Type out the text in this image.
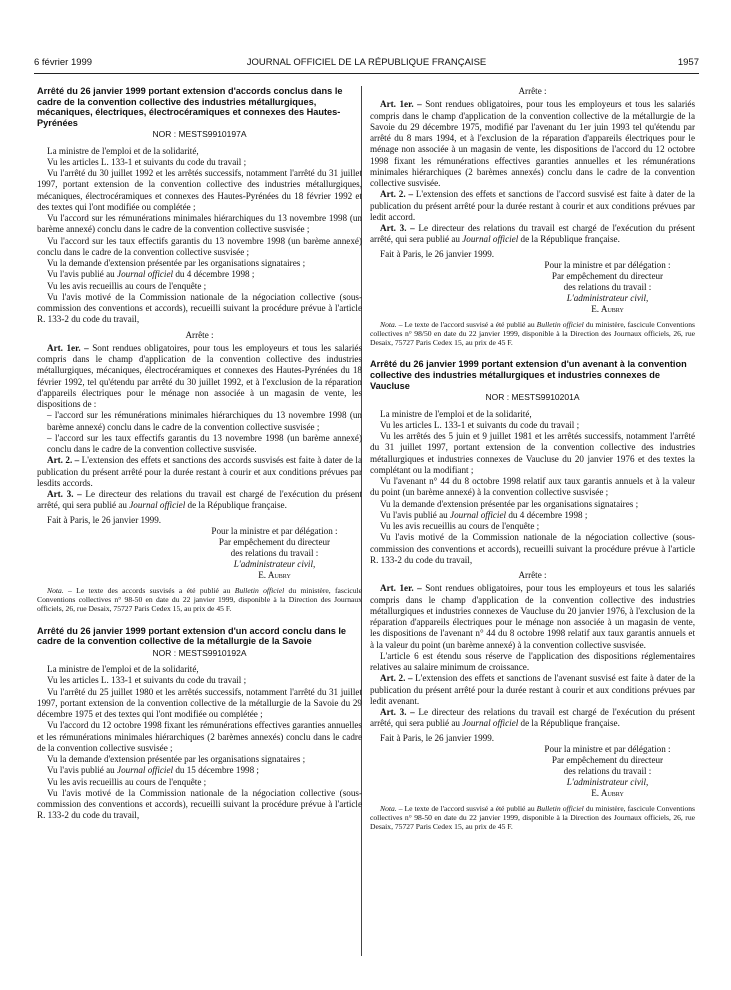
6 février 1999	JOURNAL OFFICIEL DE LA RÉPUBLIQUE FRANÇAISE	1957

Arrêté du 26 janvier 1999 portant extension d'accords conclus dans le cadre de la convention collective des industries métallurgiques, mécaniques, électriques, électrocéramiques et connexes des Hautes-Pyrénées

NOR : MESTS9910197A

La ministre de l'emploi et de la solidarité,

Vu les articles L. 133-1 et suivants du code du travail ;

Vu l'arrêté du 30 juillet 1992 et les arrêtés successifs, notamment l'arrêté du 31 juillet 1997, portant extension de la convention collective des industries métallurgiques, mécaniques, électrocéramiques et connexes des Hautes-Pyrénées du 18 février 1992 et des textes qui l'ont modifiée ou complétée ;

Vu l'accord sur les rémunérations minimales hiérarchiques du 13 novembre 1998 (un barème annexé) conclu dans le cadre de la convention collective susvisée ;

Vu l'accord sur les taux effectifs garantis du 13 novembre 1998 (un barème annexé) conclu dans le cadre de la convention collective susvisée ;

Vu la demande d'extension présentée par les organisations signataires ;

Vu l'avis publié au Journal officiel du 4 décembre 1998 ;

Vu les avis recueillis au cours de l'enquête ;

Vu l'avis motivé de la Commission nationale de la négociation collective (sous-commission des conventions et accords), recueilli suivant la procédure prévue à l'article R. 133-2 du code du travail,

Arrête :

Art. 1er. – Sont rendues obligatoires, pour tous les employeurs et tous les salariés compris dans le champ d'application de la convention collective des industries métallurgiques, mécaniques, électrocéramiques et connexes des Hautes-Pyrénées du 18 février 1992, tel qu'étendu par arrêté du 30 juillet 1992, et à l'exclusion de la réparation d'appareils électriques pour le ménage non associée à un magasin de vente, les dispositions de :

– l'accord sur les rémunérations minimales hiérarchiques du 13 novembre 1998 (un barème annexé) conclu dans le cadre de la convention collective susvisée ;

– l'accord sur les taux effectifs garantis du 13 novembre 1998 (un barème annexé) conclu dans le cadre de la convention collective susvisée.

Art. 2. – L'extension des effets et sanctions des accords susvisés est faite à dater de la publication du présent arrêté pour la durée restant à courir et aux conditions prévues par lesdits accords.

Art. 3. – Le directeur des relations du travail est chargé de l'exécution du présent arrêté, qui sera publié au Journal officiel de la République française.

Fait à Paris, le 26 janvier 1999.

Pour la ministre et par délégation :
Par empêchement du directeur
des relations du travail :
L'administrateur civil,
E. Aubry
Nota. – Le texte des accords susvisés a été publié au Bulletin officiel du ministère, fascicule Conventions collectives n° 98-50 en date du 22 janvier 1999, disponible à la Direction des Journaux officiels, 26, rue Desaix, 75727 Paris Cedex 15, au prix de 45 F.

Arrêté du 26 janvier 1999 portant extension d'un accord conclu dans le cadre de la convention collective de la métallurgie de la Savoie

NOR : MESTS9910192A

La ministre de l'emploi et de la solidarité,

Vu les articles L. 133-1 et suivants du code du travail ;

Vu l'arrêté du 25 juillet 1980 et les arrêtés successifs, notamment l'arrêté du 31 juillet 1997, portant extension de la convention collective de la métallurgie de la Savoie du 29 décembre 1975 et des textes qui l'ont modifiée ou complétée ;

Vu l'accord du 12 octobre 1998 fixant les rémunérations effectives garanties annuelles et les rémunérations minimales hiérarchiques (2 barèmes annexés) conclu dans le cadre de la convention collective susvisée ;

Vu la demande d'extension présentée par les organisations signataires ;

Vu l'avis publié au Journal officiel du 15 décembre 1998 ;

Vu les avis recueillis au cours de l'enquête ;

Vu l'avis motivé de la Commission nationale de la négociation collective (sous-commission des conventions et accords), recueilli suivant la procédure prévue à l'article R. 133-2 du code du travail,

Arrête :

Art. 1er. – Sont rendues obligatoires, pour tous les employeurs et tous les salariés compris dans le champ d'application de la convention collective de la métallurgie de la Savoie du 29 décembre 1975, modifié par l'avenant du 1er juin 1993 tel qu'étendu par arrêté du 8 mars 1994, et à l'exclusion de la réparation d'appareils électriques pour le ménage non associée à un magasin de vente, les dispositions de l'accord du 12 octobre 1998 fixant les rémunérations effectives garanties annuelles et les rémunérations minimales hiérarchiques (2 barèmes annexés) conclu dans le cadre de la convention collective susvisée.

Art. 2. – L'extension des effets et sanctions de l'accord susvisé est faite à dater de la publication du présent arrêté pour la durée restant à courir et aux conditions prévues par ledit accord.

Art. 3. – Le directeur des relations du travail est chargé de l'exécution du présent arrêté, qui sera publié au Journal officiel de la République française.

Fait à Paris, le 26 janvier 1999.

Pour la ministre et par délégation :
Par empêchement du directeur
des relations du travail :
L'administrateur civil,
E. Aubry
Nota. – Le texte de l'accord susvisé a été publié au Bulletin officiel du ministère, fascicule Conventions collectives n° 98/50 en date du 22 janvier 1999, disponible à la Direction des Journaux officiels, 26, rue Desaix, 75727 Paris Cedex 15, au prix de 45 F.

Arrêté du 26 janvier 1999 portant extension d'un avenant à la convention collective des industries métallurgiques et industries connexes de Vaucluse

NOR : MESTS9910201A

La ministre de l'emploi et de la solidarité,

Vu les articles L. 133-1 et suivants du code du travail ;

Vu les arrêtés des 5 juin et 9 juillet 1981 et les arrêtés successifs, notamment l'arrêté du 31 juillet 1997, portant extension de la convention collective des industries métallurgiques et industries connexes de Vaucluse du 20 janvier 1976 et des textes la complétant ou la modifiant ;

Vu l'avenant n° 44 du 8 octobre 1998 relatif aux taux garantis annuels et à la valeur du point (un barème annexé) à la convention collective susvisée ;

Vu la demande d'extension présentée par les organisations signataires ;

Vu l'avis publié au Journal officiel du 4 décembre 1998 ;

Vu les avis recueillis au cours de l'enquête ;

Vu l'avis motivé de la Commission nationale de la négociation collective (sous-commission des conventions et accords), recueilli suivant la procédure prévue à l'article R. 133-2 du code du travail,

Arrête :

Art. 1er. – Sont rendues obligatoires, pour tous les employeurs et tous les salariés compris dans le champ d'application de la convention collective des industries métallurgiques et industries connexes de Vaucluse du 20 janvier 1976, à l'exclusion de la réparation d'appareils électriques pour le ménage non associée à un magasin de vente, les dispositions de l'avenant n° 44 du 8 octobre 1998 relatif aux taux garantis annuels et à la valeur du point (un barème annexé) à la convention collective susvisée.

L'article 6 est étendu sous réserve de l'application des dispositions réglementaires relatives au salaire minimum de croissance.

Art. 2. – L'extension des effets et sanctions de l'avenant susvisé est faite à dater de la publication du présent arrêté pour la durée restant à courir et aux conditions prévues par ledit avenant.

Art. 3. – Le directeur des relations du travail est chargé de l'exécution du présent arrêté, qui sera publié au Journal officiel de la République française.

Fait à Paris, le 26 janvier 1999.

Pour la ministre et par délégation :
Par empêchement du directeur
des relations du travail :
L'administrateur civil,
E. Aubry
Nota. – Le texte de l'accord susvisé a été publié au Bulletin officiel du ministère, fascicule Conventions collectives n° 98-50 en date du 22 janvier 1999, disponible à la Direction des Journaux officiels, 26, rue Desaix, 75727 Paris Cedex 15, au prix de 45 F.
